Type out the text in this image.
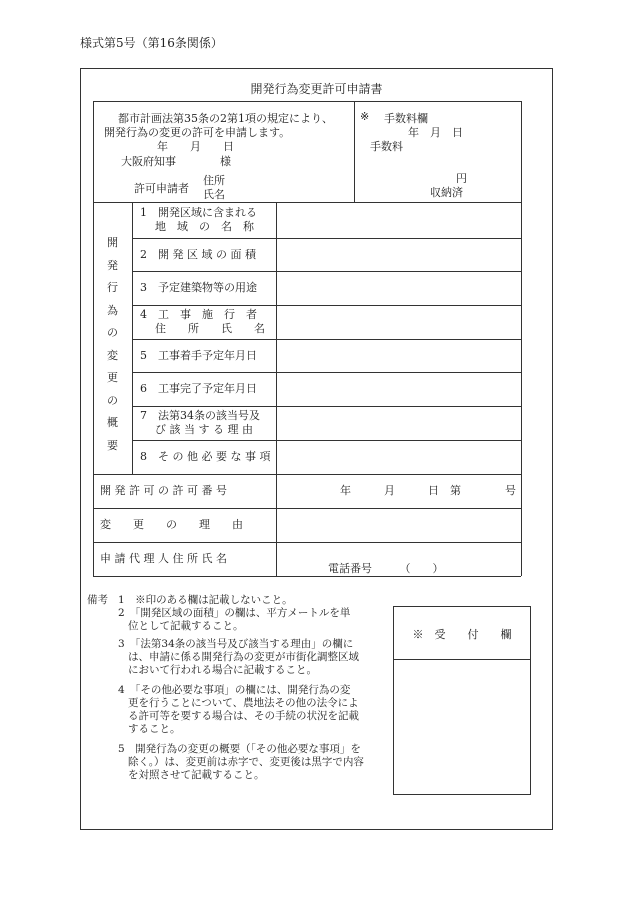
様式第5号（第16条関係）
開発行為変更許可申請書
都市計画法第35条の2第1項の規定により、
開発行為の変更の許可を申請します。
年　　月　　日
大阪府知事　　　　様
許可申請者
住所
氏名
※ 手数料欄
年　月　日
手数料
円
収納済
開
発
行
為
の
変
更
の
概
要
1　開発区域に含まれる
地　域　の　名　称
2　開 発 区 域 の 面 積
3　予定建築物等の用途
4　工　事　施　行　者
住　　所　　氏　　名
5　工事着手予定年月日
6　工事完了予定年月日
7　法第34条の該当号及
び 該 当 す る 理 由
8　そ の 他 必 要 な 事 項
開 発 許 可 の 許 可 番 号	年　　　月　　　日　第　　　　号
変　　更　　の　　理　　由
申 請 代 理 人 住 所 氏 名
電話番号　　　（　　）
備考 1　※印のある欄は記載しないこと。
2　「開発区域の面積」の欄は、平方メートルを単
位として記載すること。
3　「法第34条の該当号及び該当する理由」の欄に
は、申請に係る開発行為の変更が市街化調整区域
において行われる場合に記載すること。
4　「その他必要な事項」の欄には、開発行為の変
更を行うことについて、農地法その他の法令によ
る許可等を要する場合は、その手続の状況を記載
すること。
5　開発行為の変更の概要（「その他必要な事項」を
除く。）は、変更前は赤字で、変更後は黒字で内容
を対照させて記載すること。
※　受　　付　　欄
